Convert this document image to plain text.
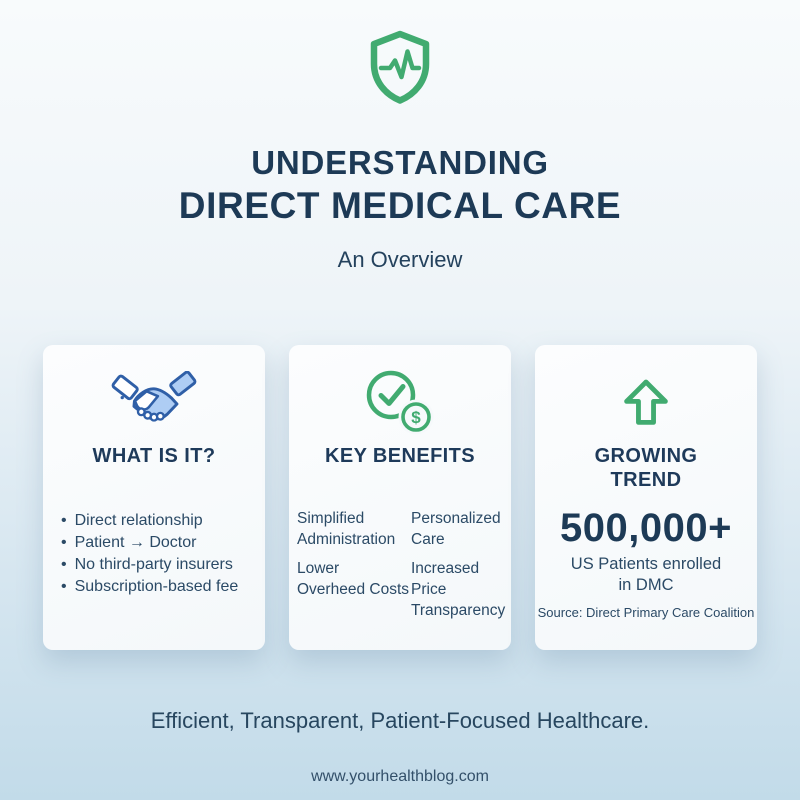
UNDERSTANDING
DIRECT MEDICAL CARE
An Overview
WHAT IS IT?
• Direct relationship
• Patient → Doctor
• No third-party insurers
• Subscription-based fee
$
KEY BENEFITS
Simplified Administration
Lower Overheed Costs
Personalized Care
Increased Price Transparency
GROWING
TREND
500,000+
US Patients enrolled
in DMC
Source: Direct Primary Care Coalition
Efficient, Transparent, Patient-Focused Healthcare.
www.yourhealthblog.com
